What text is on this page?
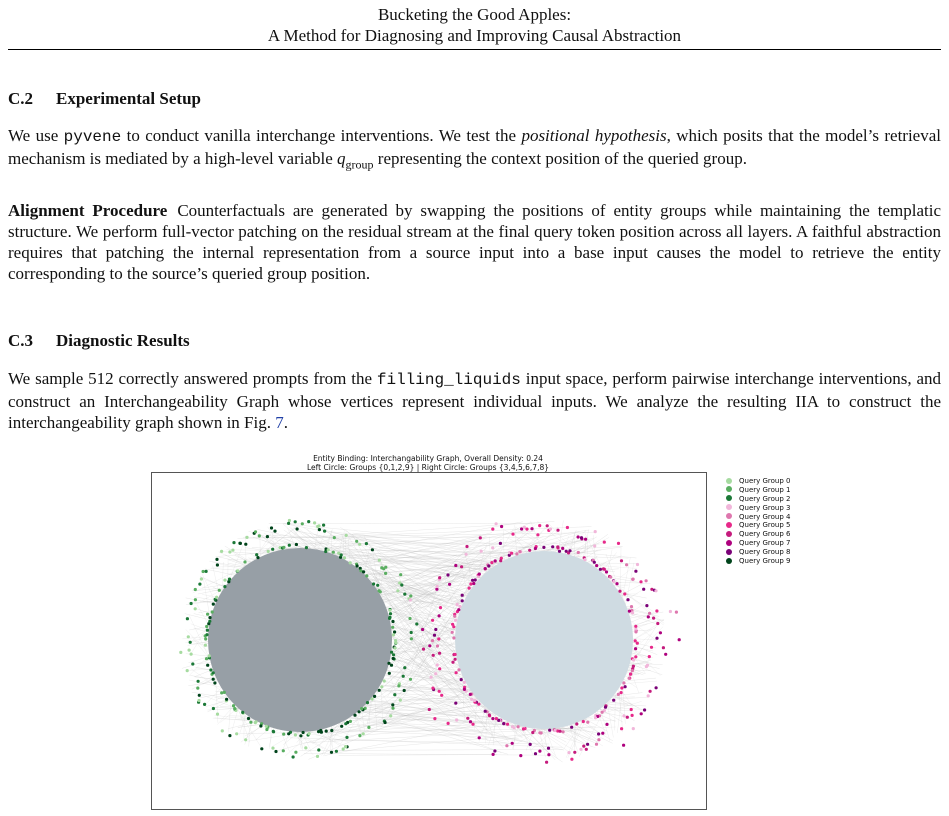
Bucketing the Good Apples:
A Method for Diagnosing and Improving Causal Abstraction
C.2 Experimental Setup
We use pyvene to conduct vanilla interchange interventions. We test the positional hypothesis, which posits that the model’s retrieval mechanism is mediated by a high-level variable $q_{group}$ representing the context position of the queried group.
Alignment Procedure Counterfactuals are generated by swapping the positions of entity groups while maintaining the templatic structure. We perform full-vector patching on the residual stream at the final query token position across all layers. A faithful abstraction requires that patching the internal representation from a source input into a base input causes the model to retrieve the entity corresponding to the source’s queried group position.
C.3 Diagnostic Results
We sample 512 correctly answered prompts from the filling_liquids input space, perform pairwise interchange interventions, and construct an Interchangeability Graph whose vertices represent individual inputs. We analyze the resulting IIA to construct the interchangeability graph shown in Fig. 7.
Entity Binding: Interchangability Graph, Overall Density: 0.24
Left Circle: Groups {0,1,2,9} | Right Circle: Groups {3,4,5,6,7,8}
Query Group 0
Query Group 1
Query Group 2
Query Group 3
Query Group 4
Query Group 5
Query Group 6
Query Group 7
Query Group 8
Query Group 9
